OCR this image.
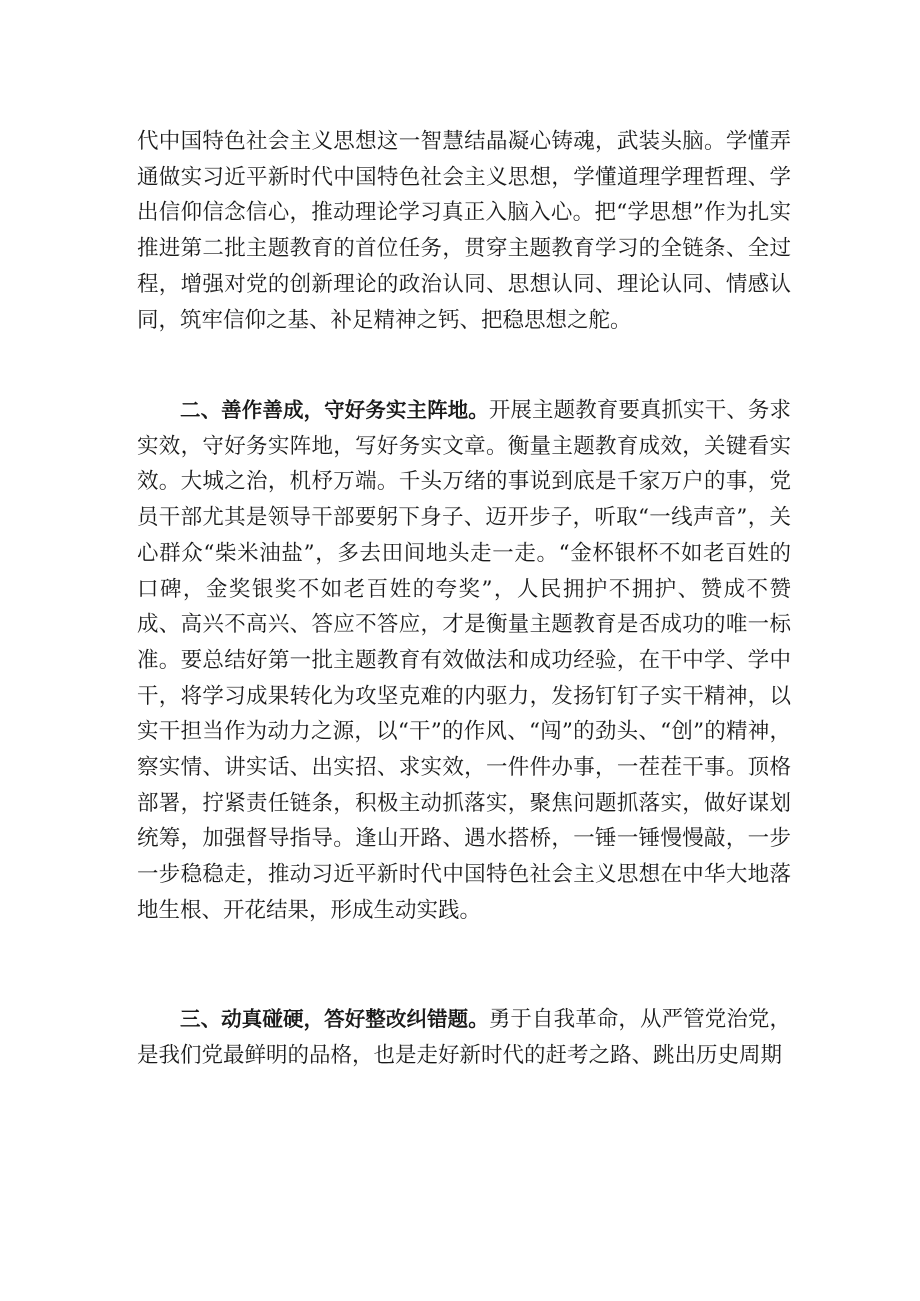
代中国特色社会主义思想这一智慧结晶凝心铸魂，武装头脑。学懂弄通做实习近平新时代中国特色社会主义思想，学懂道理学理哲理、学出信仰信念信心，推动理论学习真正入脑入心。把“学思想”作为扎实推进第二批主题教育的首位任务，贯穿主题教育学习的全链条、全过程，增强对党的创新理论的政治认同、思想认同、理论认同、情感认同，筑牢信仰之基、补足精神之钙、把稳思想之舵。

二、善作善成，守好务实主阵地。开展主题教育要真抓实干、务求实效，守好务实阵地，写好务实文章。衡量主题教育成效，关键看实效。大城之治，机杼万端。千头万绪的事说到底是千家万户的事，党员干部尤其是领导干部要躬下身子、迈开步子，听取“一线声音”，关心群众“柴米油盐”，多去田间地头走一走。“金杯银杯不如老百姓的口碑，金奖银奖不如老百姓的夸奖”，人民拥护不拥护、赞成不赞成、高兴不高兴、答应不答应，才是衡量主题教育是否成功的唯一标准。要总结好第一批主题教育有效做法和成功经验，在干中学、学中干，将学习成果转化为攻坚克难的内驱力，发扬钉钉子实干精神，以实干担当作为动力之源，以“干”的作风、“闯”的劲头、“创”的精神，察实情、讲实话、出实招、求实效，一件件办事，一茬茬干事。顶格部署，拧紧责任链条，积极主动抓落实，聚焦问题抓落实，做好谋划统筹，加强督导指导。逢山开路、遇水搭桥，一锤一锤慢慢敲，一步一步稳稳走，推动习近平新时代中国特色社会主义思想在中华大地落地生根、开花结果，形成生动实践。

三、动真碰硬，答好整改纠错题。勇于自我革命，从严管党治党，是我们党最鲜明的品格，也是走好新时代的赶考之路、跳出历史周期
